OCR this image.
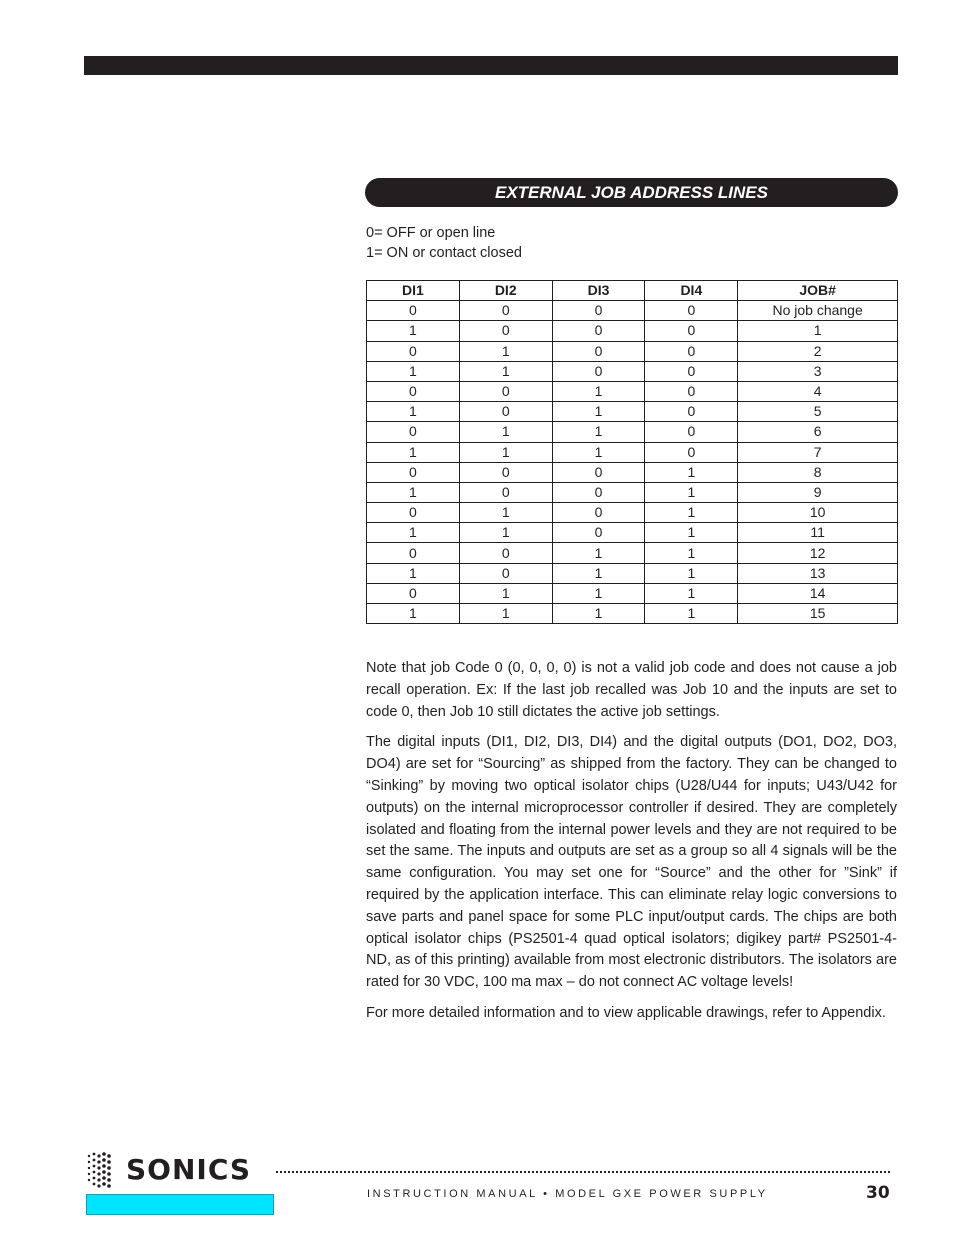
EXTERNAL JOB ADDRESS LINES
0= OFF or open line
1= ON or contact closed
DI1	DI2	DI3	DI4	JOB#
0	0	0	0	No job change
1	0	0	0	1
0	1	0	0	2
1	1	0	0	3
0	0	1	0	4
1	0	1	0	5
0	1	1	0	6
1	1	1	0	7
0	0	0	1	8
1	0	0	1	9
0	1	0	1	10
1	1	0	1	11
0	0	1	1	12
1	0	1	1	13
0	1	1	1	14
1	1	1	1	15

Note that job Code 0 (0, 0, 0, 0) is not a valid job code and does not cause a job recall operation. Ex: If the last job recalled was Job 10 and the inputs are set to code 0, then Job 10 still dictates the active job settings.

The digital inputs (DI1, DI2, DI3, DI4) and the digital outputs (DO1, DO2, DO3, DO4) are set for “Sourcing” as shipped from the factory. They can be changed to “Sinking” by moving two optical isolator chips (U28/U44 for inputs; U43/U42 for outputs) on the internal microprocessor controller if desired. They are completely isolated and floating from the internal power levels and they are not required to be set the same. The inputs and outputs are set as a group so all 4 signals will be the same configuration. You may set one for “Source” and the other for ”Sink” if required by the application interface. This can eliminate relay logic conversions to save parts and panel space for some PLC input/output cards. The chips are both optical isolator chips (PS2501-4 quad optical isolators; digikey part# PS2501-4-ND, as of this printing) available from most electronic distributors. The isolators are rated for 30 VDC, 100 ma max – do not connect AC voltage levels!

For more detailed information and to view applicable drawings, refer to Appendix.

SONICS
INSTRUCTION MANUAL • MODEL GXE POWER SUPPLY	30
